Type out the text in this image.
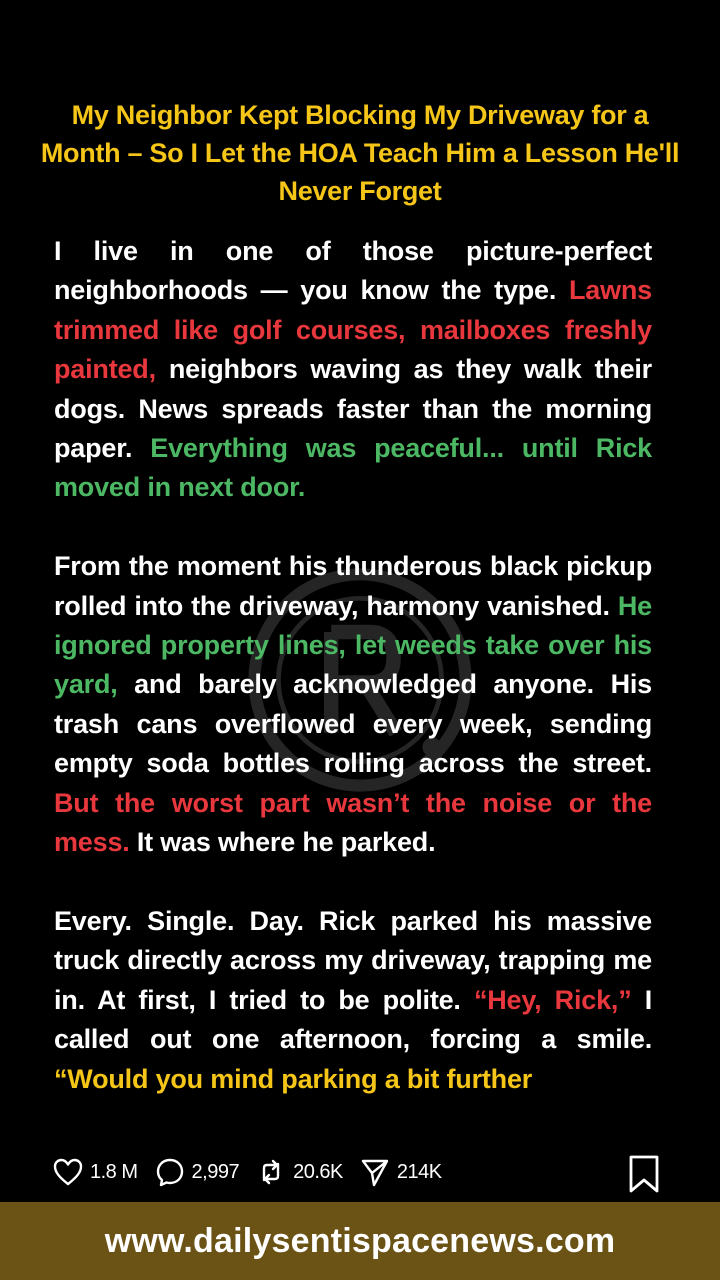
My Neighbor Kept Blocking My Driveway for a Month – So I Let the HOA Teach Him a Lesson He'll Never Forget

I live in one of those picture-perfect neighborhoods — you know the type. Lawns trimmed like golf courses, mailboxes freshly painted, neighbors waving as they walk their dogs. News spreads faster than the morning paper. Everything was peaceful... until Rick moved in next door.

From the moment his thunderous black pickup rolled into the driveway, harmony vanished. He ignored property lines, let weeds take over his yard, and barely acknowledged anyone. His trash cans overflowed every week, sending empty soda bottles rolling across the street. But the worst part wasn’t the noise or the mess. It was where he parked.

Every. Single. Day. Rick parked his massive truck directly across my driveway, trapping me in. At first, I tried to be polite. “Hey, Rick,” I called out one afternoon, forcing a smile. “Would you mind parking a bit further

1.8 M	2,997	20.6K	214K
www.dailysentispacenews.com
